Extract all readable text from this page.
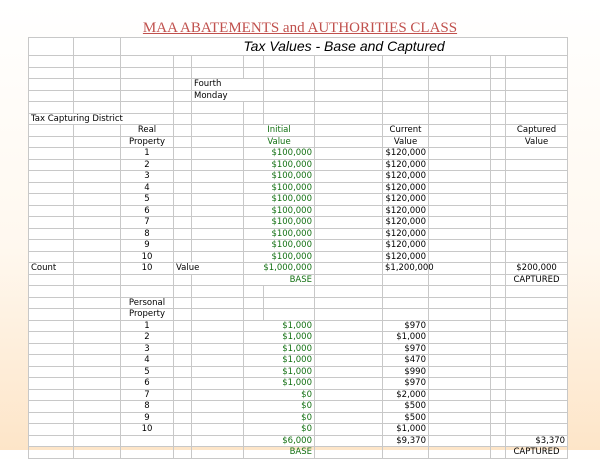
MAA ABATEMENTS and AUTHORITIES CLASS
		Tax Values - Base and Captured									

				Fourth							
				Monday							

Tax Capturing District											
		Real			Initial			Current			Captured
		Property			Value			Value			Value
		1			$100,000			$120,000			
		2			$100,000			$120,000			
		3			$100,000			$120,000			
		4			$100,000			$120,000			
		5			$100,000			$120,000			
		6			$100,000			$120,000			
		7			$100,000			$120,000			
		8			$100,000			$120,000			
		9			$100,000			$120,000			
		10			$100,000			$120,000			
Count		10	Value		$1,000,000			$1,200,000			$200,000
					BASE						CAPTURED

		Personal									
		Property									
		1			$1,000			$970			
		2			$1,000			$1,000			
		3			$1,000			$970			
		4			$1,000			$470			
		5			$1,000			$990			
		6			$1,000			$970			
		7			$0			$2,000			
		8			$0			$500			
		9			$0			$500			
		10			$0			$1,000			
					$6,000			$9,370			$3,370
					BASE						CAPTURED
